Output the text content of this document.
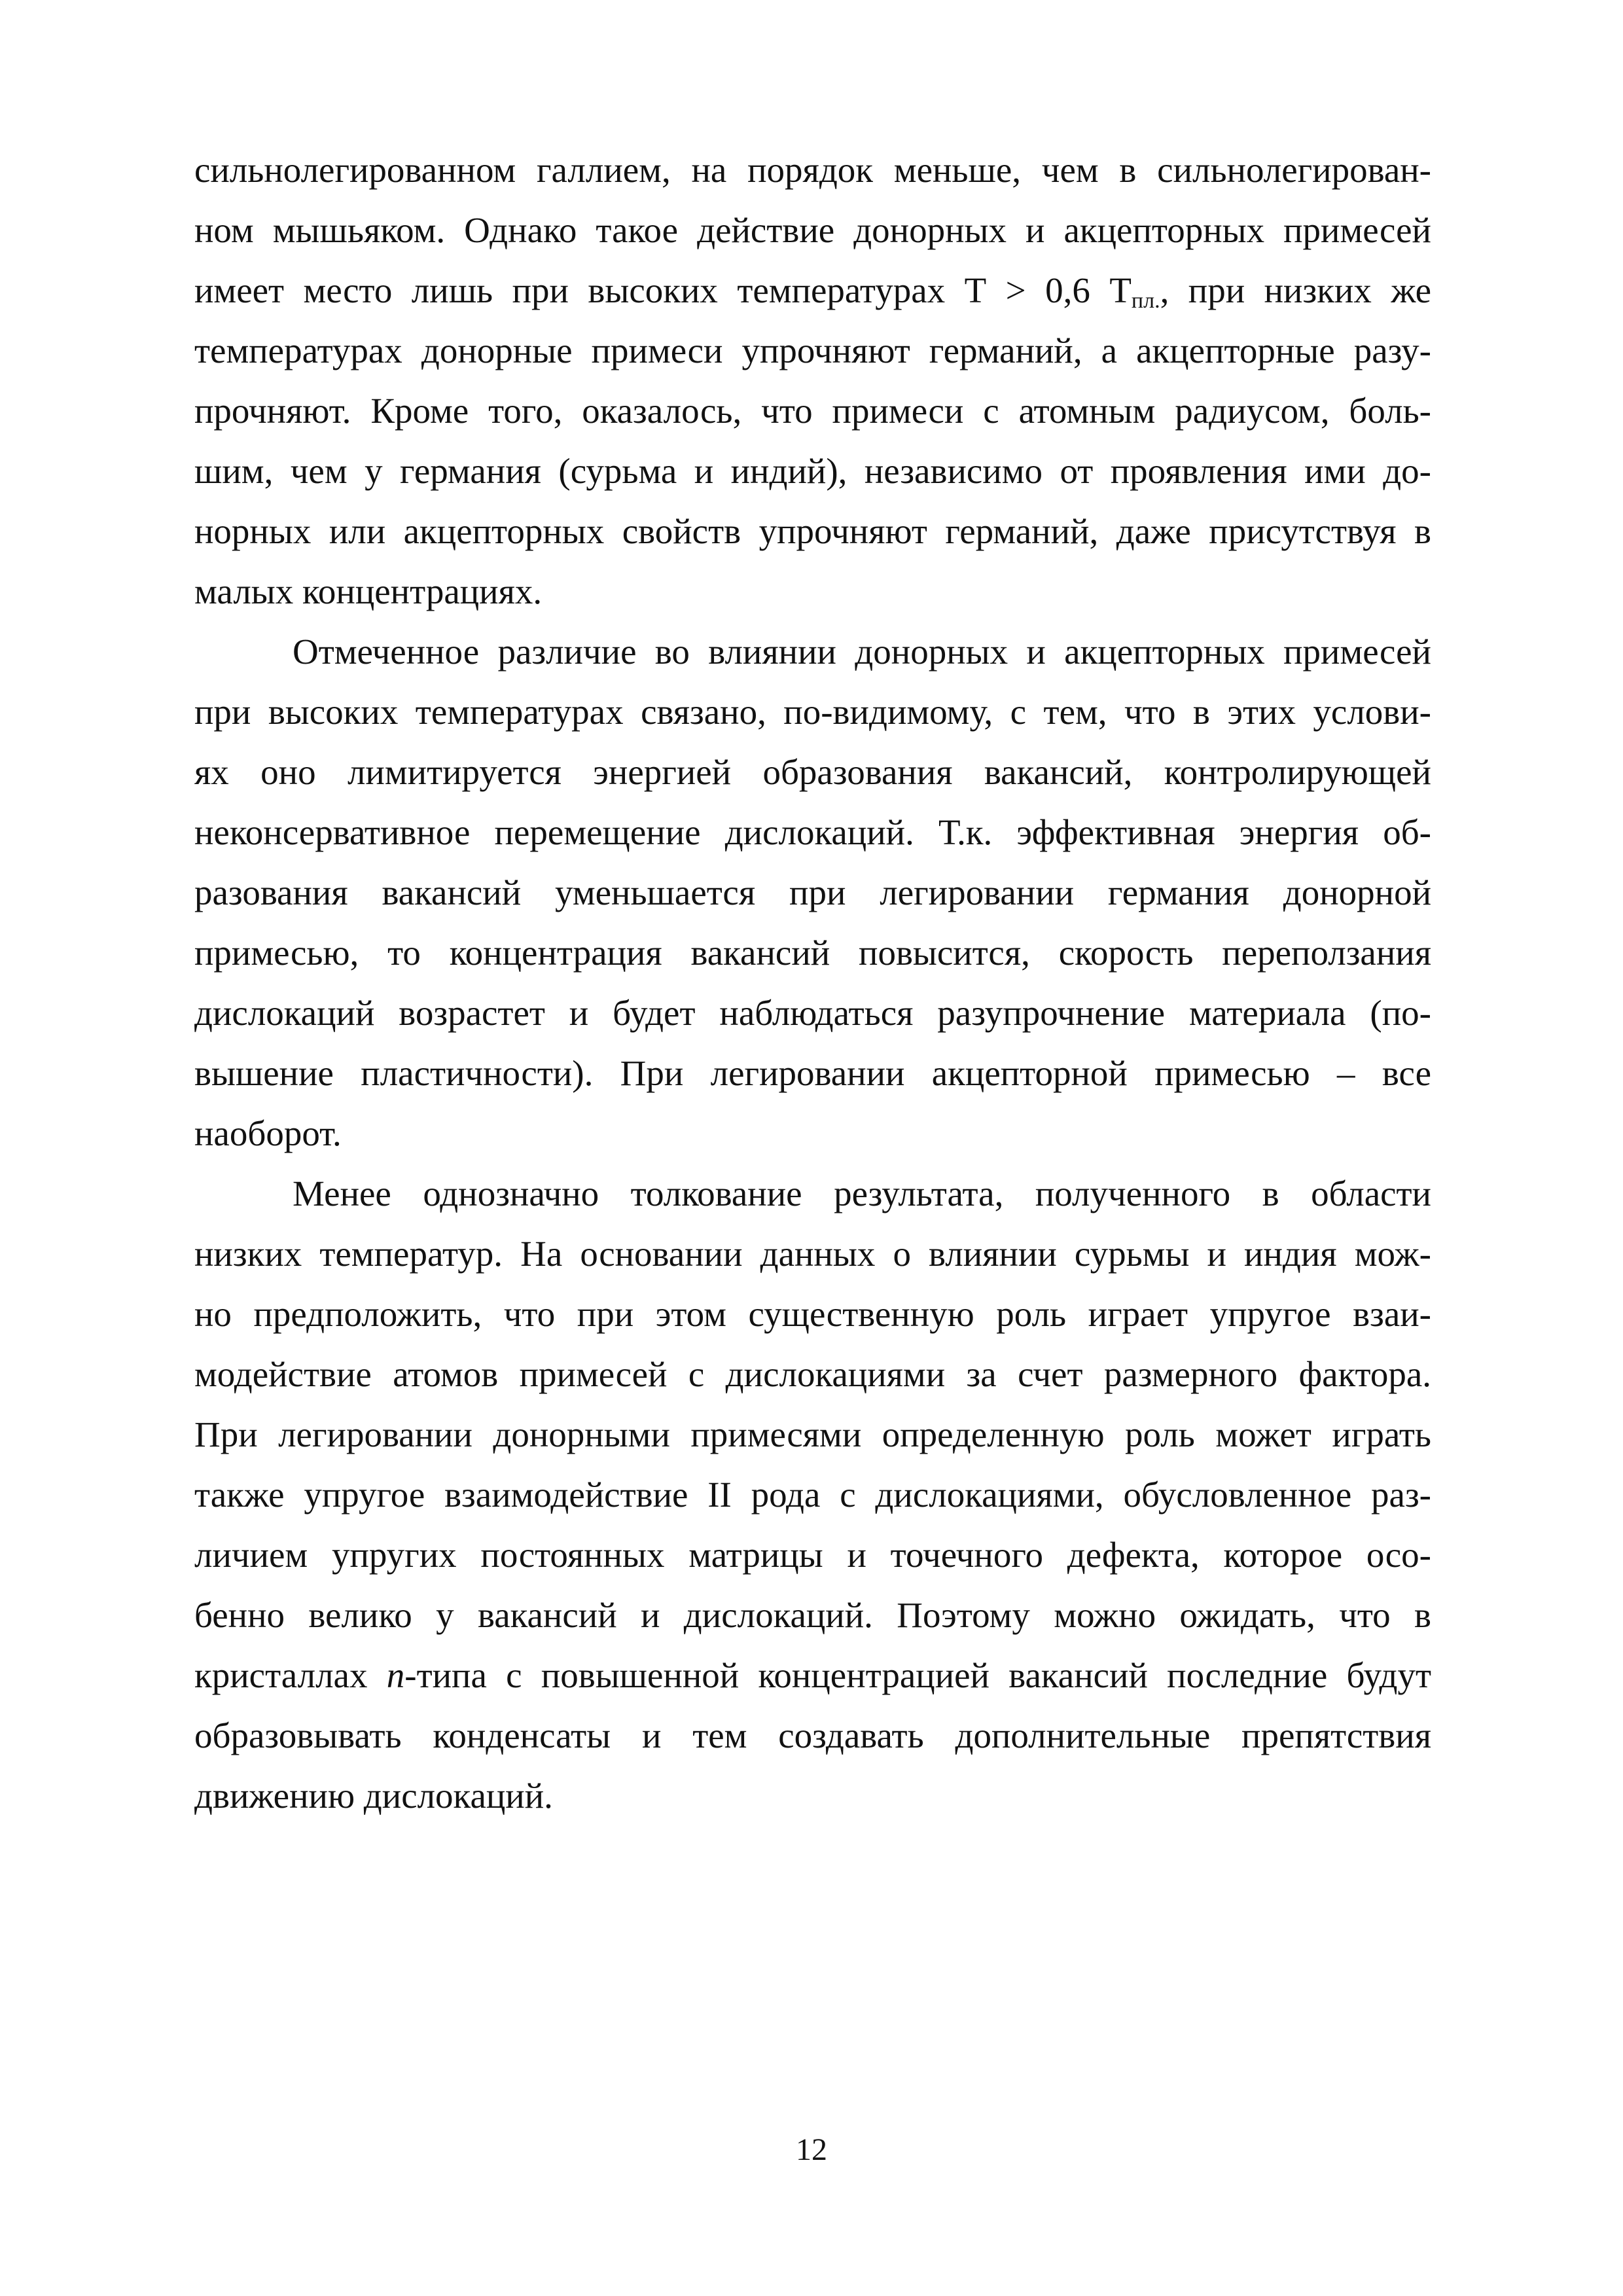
сильнолегированном галлием, на порядок меньше, чем в сильнолегирован-
ном мышьяком. Однако такое действие донорных и акцепторных примесей
имеет место лишь при высоких температурах Т > 0,6 $Т_{пл.}$, при низких же
температурах донорные примеси упрочняют германий, а акцепторные разу-
прочняют. Кроме того, оказалось, что примеси с атомным радиусом, боль-
шим, чем у германия (сурьма и индий), независимо от проявления ими до-
норных или акцепторных свойств упрочняют германий, даже присутствуя в
малых концентрациях.
Отмеченное различие во влиянии донорных и акцепторных примесей
при высоких температурах связано, по-видимому, с тем, что в этих услови-
ях оно лимитируется энергией образования вакансий, контролирующей
неконсервативное перемещение дислокаций. Т.к. эффективная энергия об-
разования вакансий уменьшается при легировании германия донорной
примесью, то концентрация вакансий повысится, скорость переползания
дислокаций возрастет и будет наблюдаться разупрочнение материала (по-
вышение пластичности). При легировании акцепторной примесью – все
наоборот.
Менее однозначно толкование результата, полученного в области
низких температур. На основании данных о влиянии сурьмы и индия мож-
но предположить, что при этом существенную роль играет упругое взаи-
модействие атомов примесей с дислокациями за счет размерного фактора.
При легировании донорными примесями определенную роль может играть
также упругое взаимодействие II рода с дислокациями, обусловленное раз-
личием упругих постоянных матрицы и точечного дефекта, которое осо-
бенно велико у вакансий и дислокаций. Поэтому можно ожидать, что в
кристаллах n-типа с повышенной концентрацией вакансий последние будут
образовывать конденсаты и тем создавать дополнительные препятствия
движению дислокаций.
12
